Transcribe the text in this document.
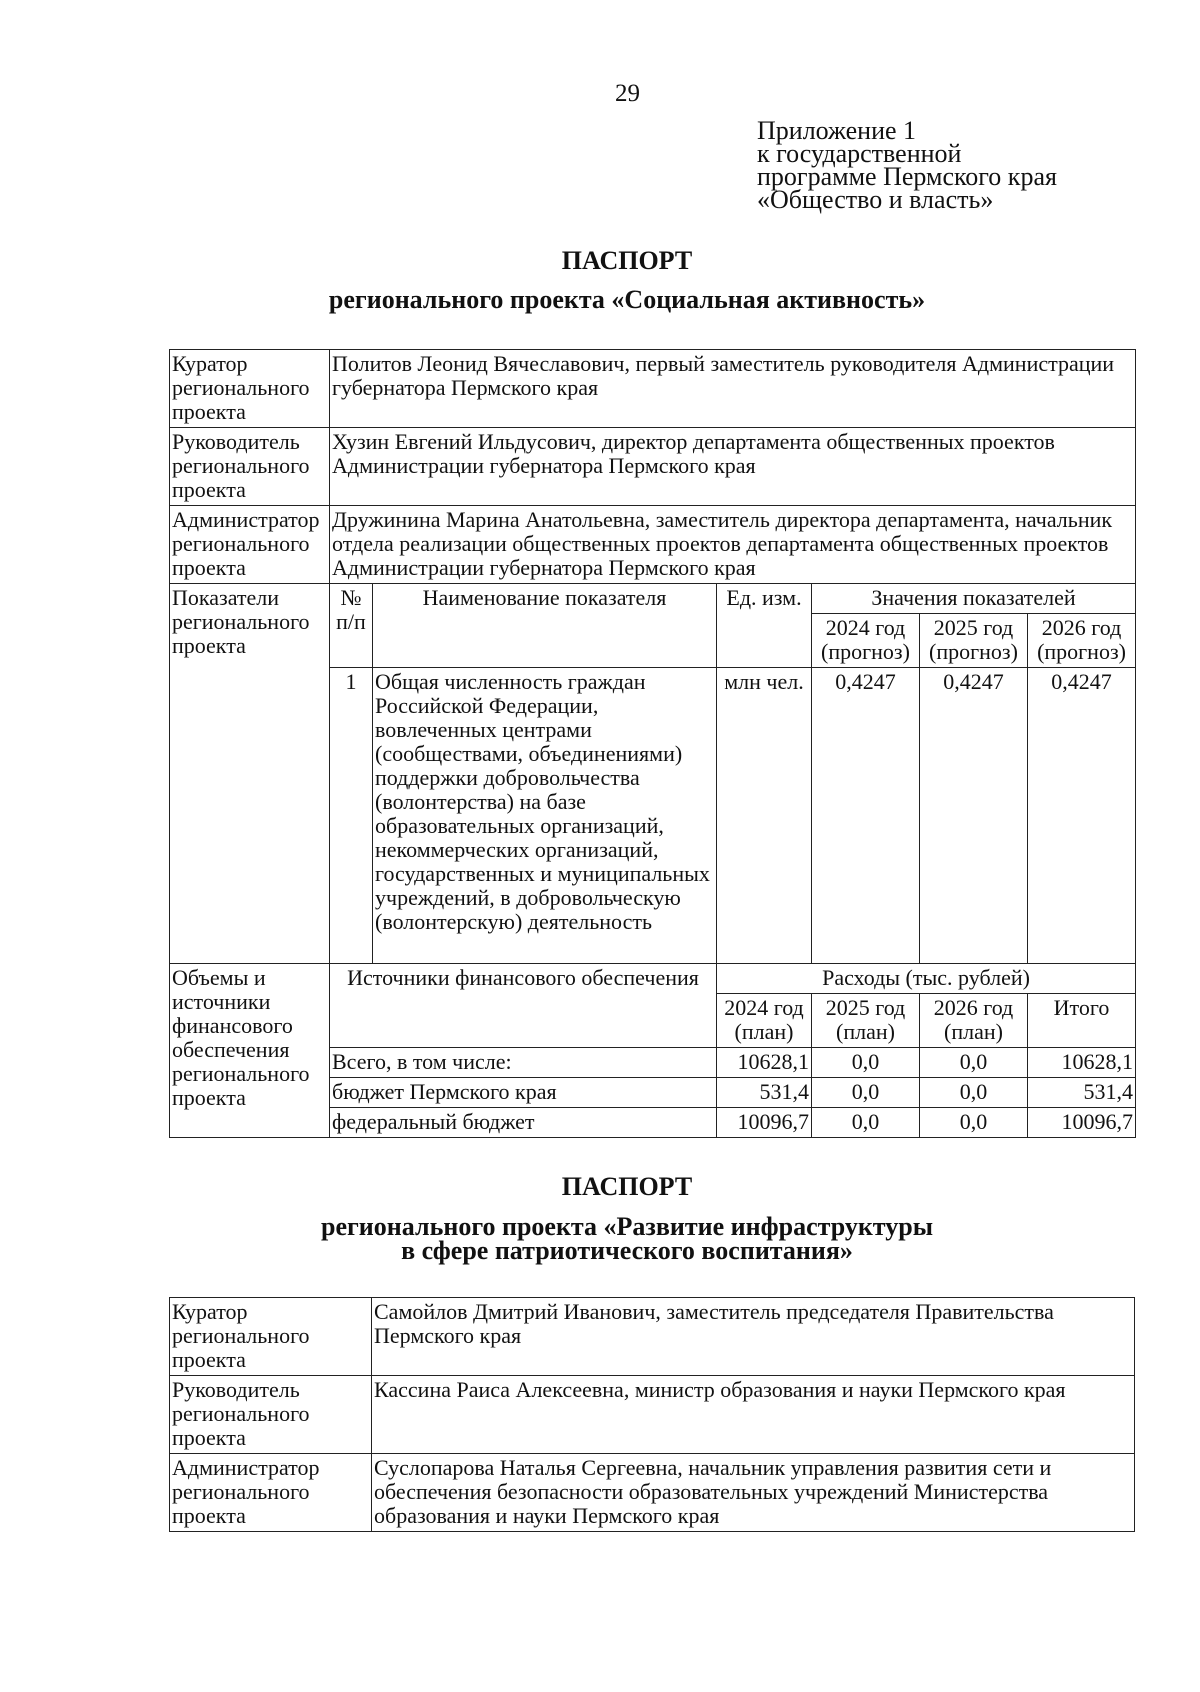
29
Приложение 1
к государственной
программе Пермского края
«Общество и власть»
ПАСПОРТ
регионального проекта «Социальная активность»
Куратор регионального проекта	Политов Леонид Вячеславович, первый заместитель руководителя Администрации губернатора Пермского края					
Руководитель регионального проекта	Хузин Евгений Ильдусович, директор департамента общественных проектов Администрации губернатора Пермского края					
Администратор регионального проекта	Дружинина Марина Анатольевна, заместитель директора департамента, начальник отдела реализации общественных проектов департамента общественных проектов Администрации губернатора Пермского края					
Показатели регионального проекта	№ п/п	Наименование показателя	Ед. изм.	Значения показателей		
				2024 год (прогноз)	2025 год (прогноз)	2026 год (прогноз)
	1	Общая численность граждан Российской Федерации, вовлеченных центрами (сообществами, объединениями) поддержки добровольчества (волонтерства) на базе образовательных организаций, некоммерческих организаций, государственных и муниципальных учреждений, в добровольческую (волонтерскую) деятельность	млн чел.	0,4247	0,4247	0,4247
Объемы и источники финансового обеспечения регионального проекта	Источники финансового обеспечения		Расходы (тыс. рублей)			
			2024 год (план)	2025 год (план)	2026 год (план)	Итого
	Всего, в том числе:		10628,1	0,0	0,0	10628,1
	бюджет Пермского края		531,4	0,0	0,0	531,4
	федеральный бюджет		10096,7	0,0	0,0	10096,7
ПАСПОРТ
регионального проекта «Развитие инфраструктуры
в сфере патриотического воспитания»
Куратор регионального проекта	Самойлов Дмитрий Иванович, заместитель председателя Правительства Пермского края
Руководитель регионального проекта	Кассина Раиса Алексеевна, министр образования и науки Пермского края
Администратор регионального проекта	Суслопарова Наталья Сергеевна, начальник управления развития сети и обеспечения безопасности образовательных учреждений Министерства образования и науки Пермского края
